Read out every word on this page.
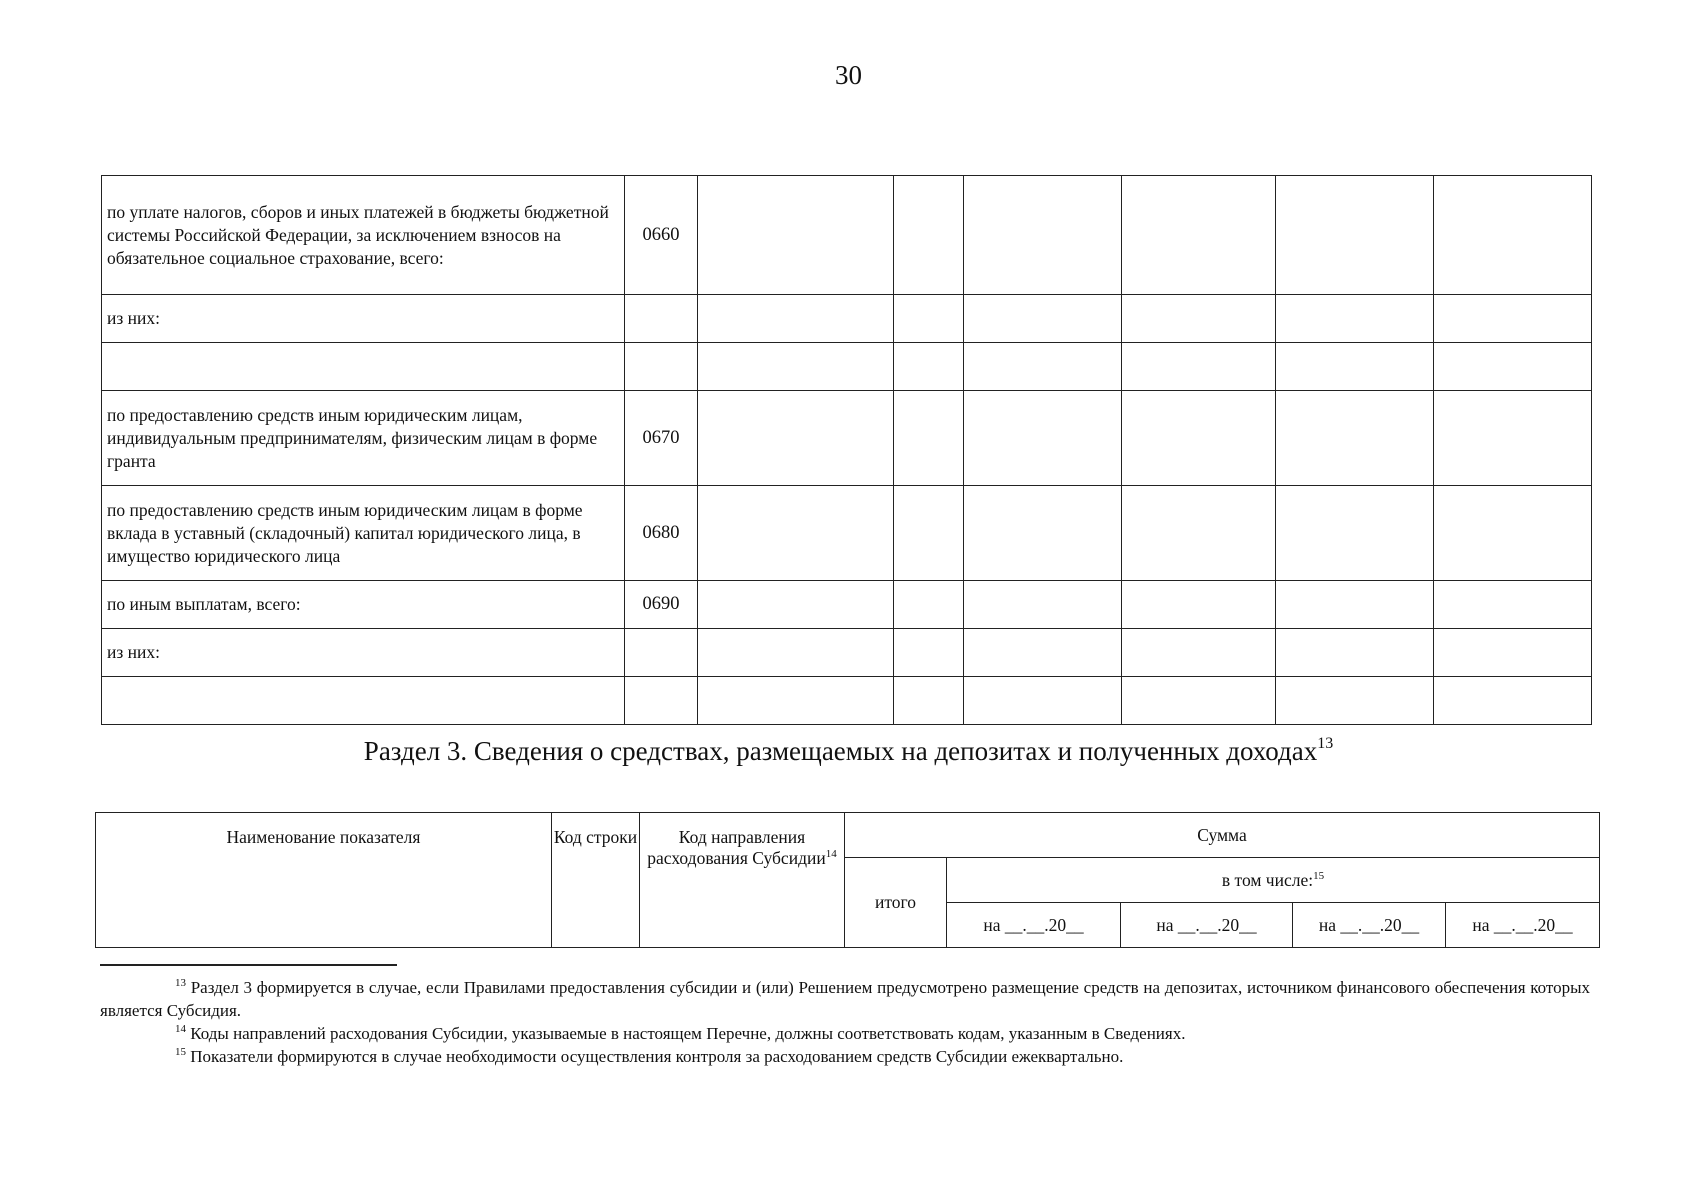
30
по уплате налогов, сборов и иных платежей в бюджеты бюджетной системы Российской Федерации, за исключением взносов на обязательное социальное страхование, всего:	0660						
из них:							

по предоставлению средств иным юридическим лицам, индивидуальным предпринимателям, физическим лицам в форме гранта	0670						
по предоставлению средств иным юридическим лицам в форме вклада в уставный (складочный) капитал юридического лица, в имущество юридического лица	0680						
по иным выплатам, всего:	0690						
из них:							

Раздел 3. Сведения о средствах, размещаемых на депозитах и полученных доходах$^{13}$
Наименование показателя	Код строки	Код направления расходования Субсидии$^{14}$	Сумма				
			итого	в том числе:$^{15}$
				на __.__.20__	на __.__.20__	на __.__.20__	на __.__.20__

$^{13}$ Раздел 3 формируется в случае, если Правилами предоставления субсидии и (или) Решением предусмотрено размещение средств на депозитах, источником финансового обеспечения которых является Субсидия.

$^{14}$ Коды направлений расходования Субсидии, указываемые в настоящем Перечне, должны соответствовать кодам, указанным в Сведениях.

$^{15}$ Показатели формируются в случае необходимости осуществления контроля за расходованием средств Субсидии ежеквартально.
